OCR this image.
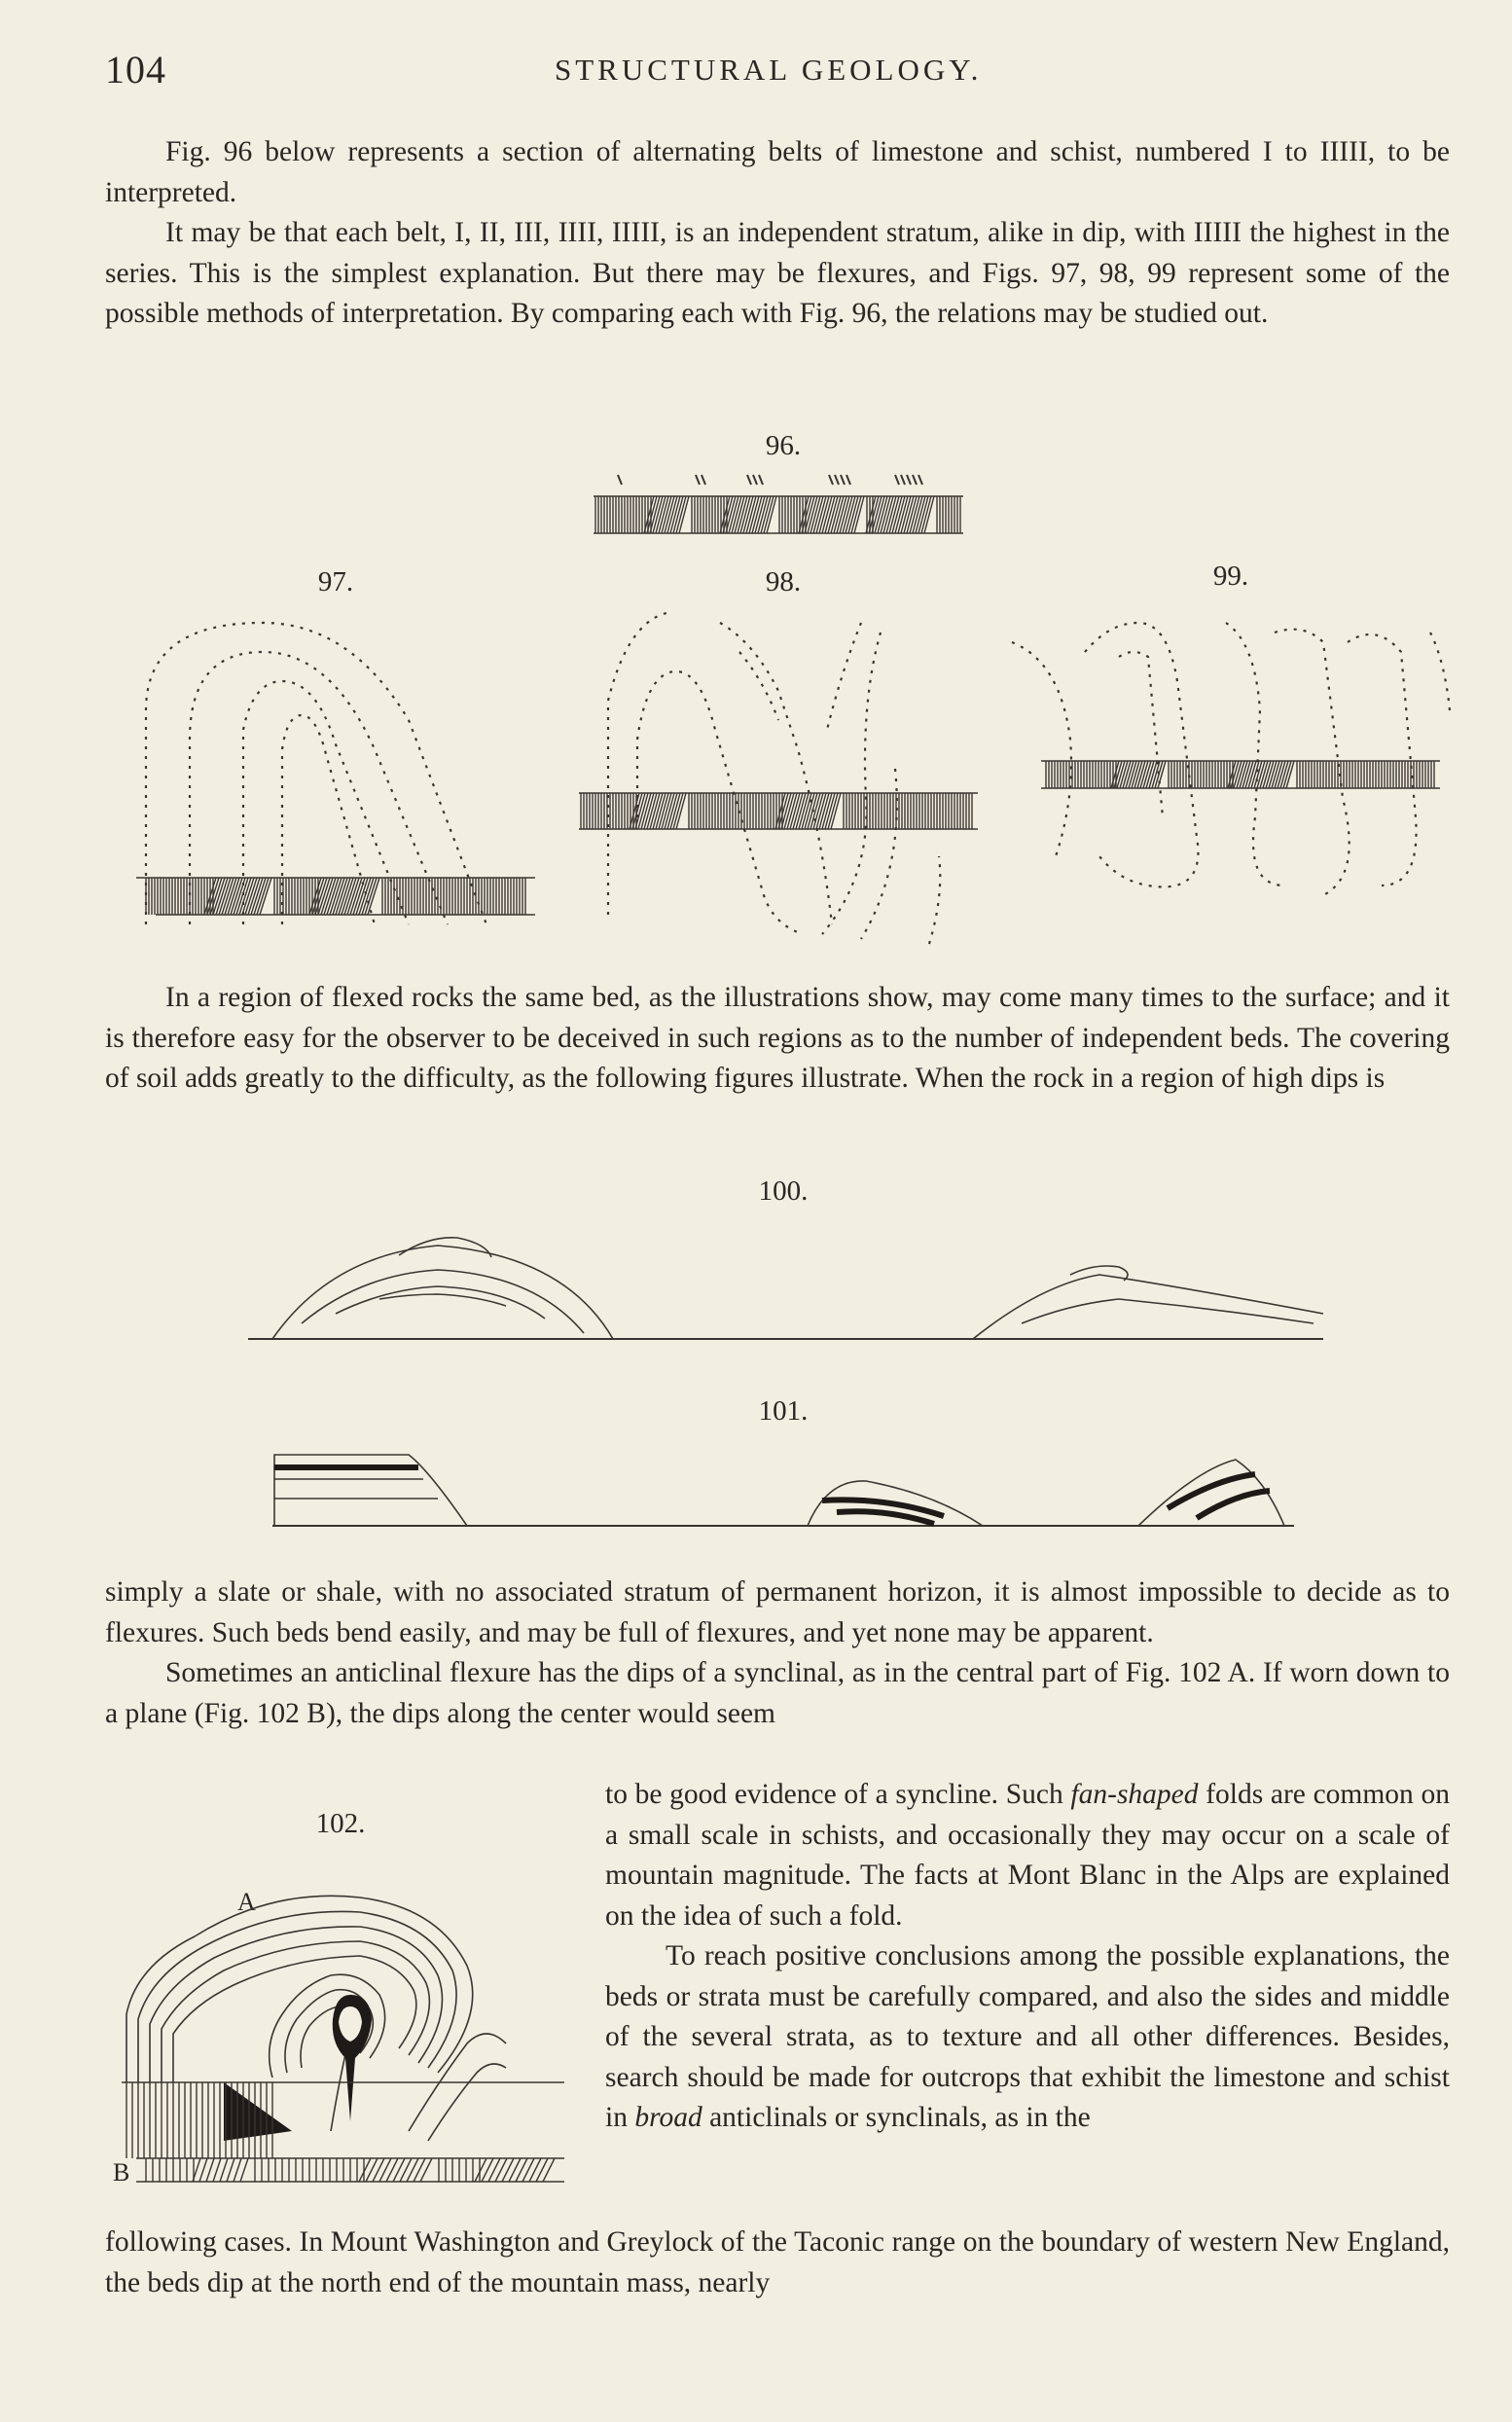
104	STRUCTURAL GEOLOGY.

Fig. 96 below represents a section of alternating belts of limestone and schist, numbered I to IIIII, to be interpreted.

It may be that each belt, I, II, III, IIII, IIIII, is an independent stratum, alike in dip, with IIIII the highest in the series. This is the simplest explanation. But there may be flexures, and Figs. 97, 98, 99 represent some of the possible methods of interpretation. By comparing each with Fig. 96, the relations may be studied out.

96.
97.	98.	99.

In a region of flexed rocks the same bed, as the illustrations show, may come many times to the surface; and it is therefore easy for the observer to be deceived in such regions as to the number of independent beds. The covering of soil adds greatly to the difficulty, as the following figures illustrate. When the rock in a region of high dips is

100.
101.

simply a slate or shale, with no associated stratum of permanent horizon, it is almost impossible to decide as to flexures. Such beds bend easily, and may be full of flexures, and yet none may be apparent.

Sometimes an anticlinal flexure has the dips of a synclinal, as in the central part of Fig. 102 A. If worn down to a plane (Fig. 102 B), the dips along the center would seem

102.
A
B

to be good evidence of a syncline. Such fan-shaped folds are common on a small scale in schists, and occasionally they may occur on a scale of mountain magnitude. The facts at Mont Blanc in the Alps are explained on the idea of such a fold.

To reach positive conclusions among the possible explanations, the beds or strata must be carefully compared, and also the sides and middle of the several strata, as to texture and all other differences. Besides, search should be made for outcrops that exhibit the limestone and schist in broad anticlinals or synclinals, as in the

following cases. In Mount Washington and Greylock of the Taconic range on the boundary of western New England, the beds dip at the north end of the mountain mass, nearly
